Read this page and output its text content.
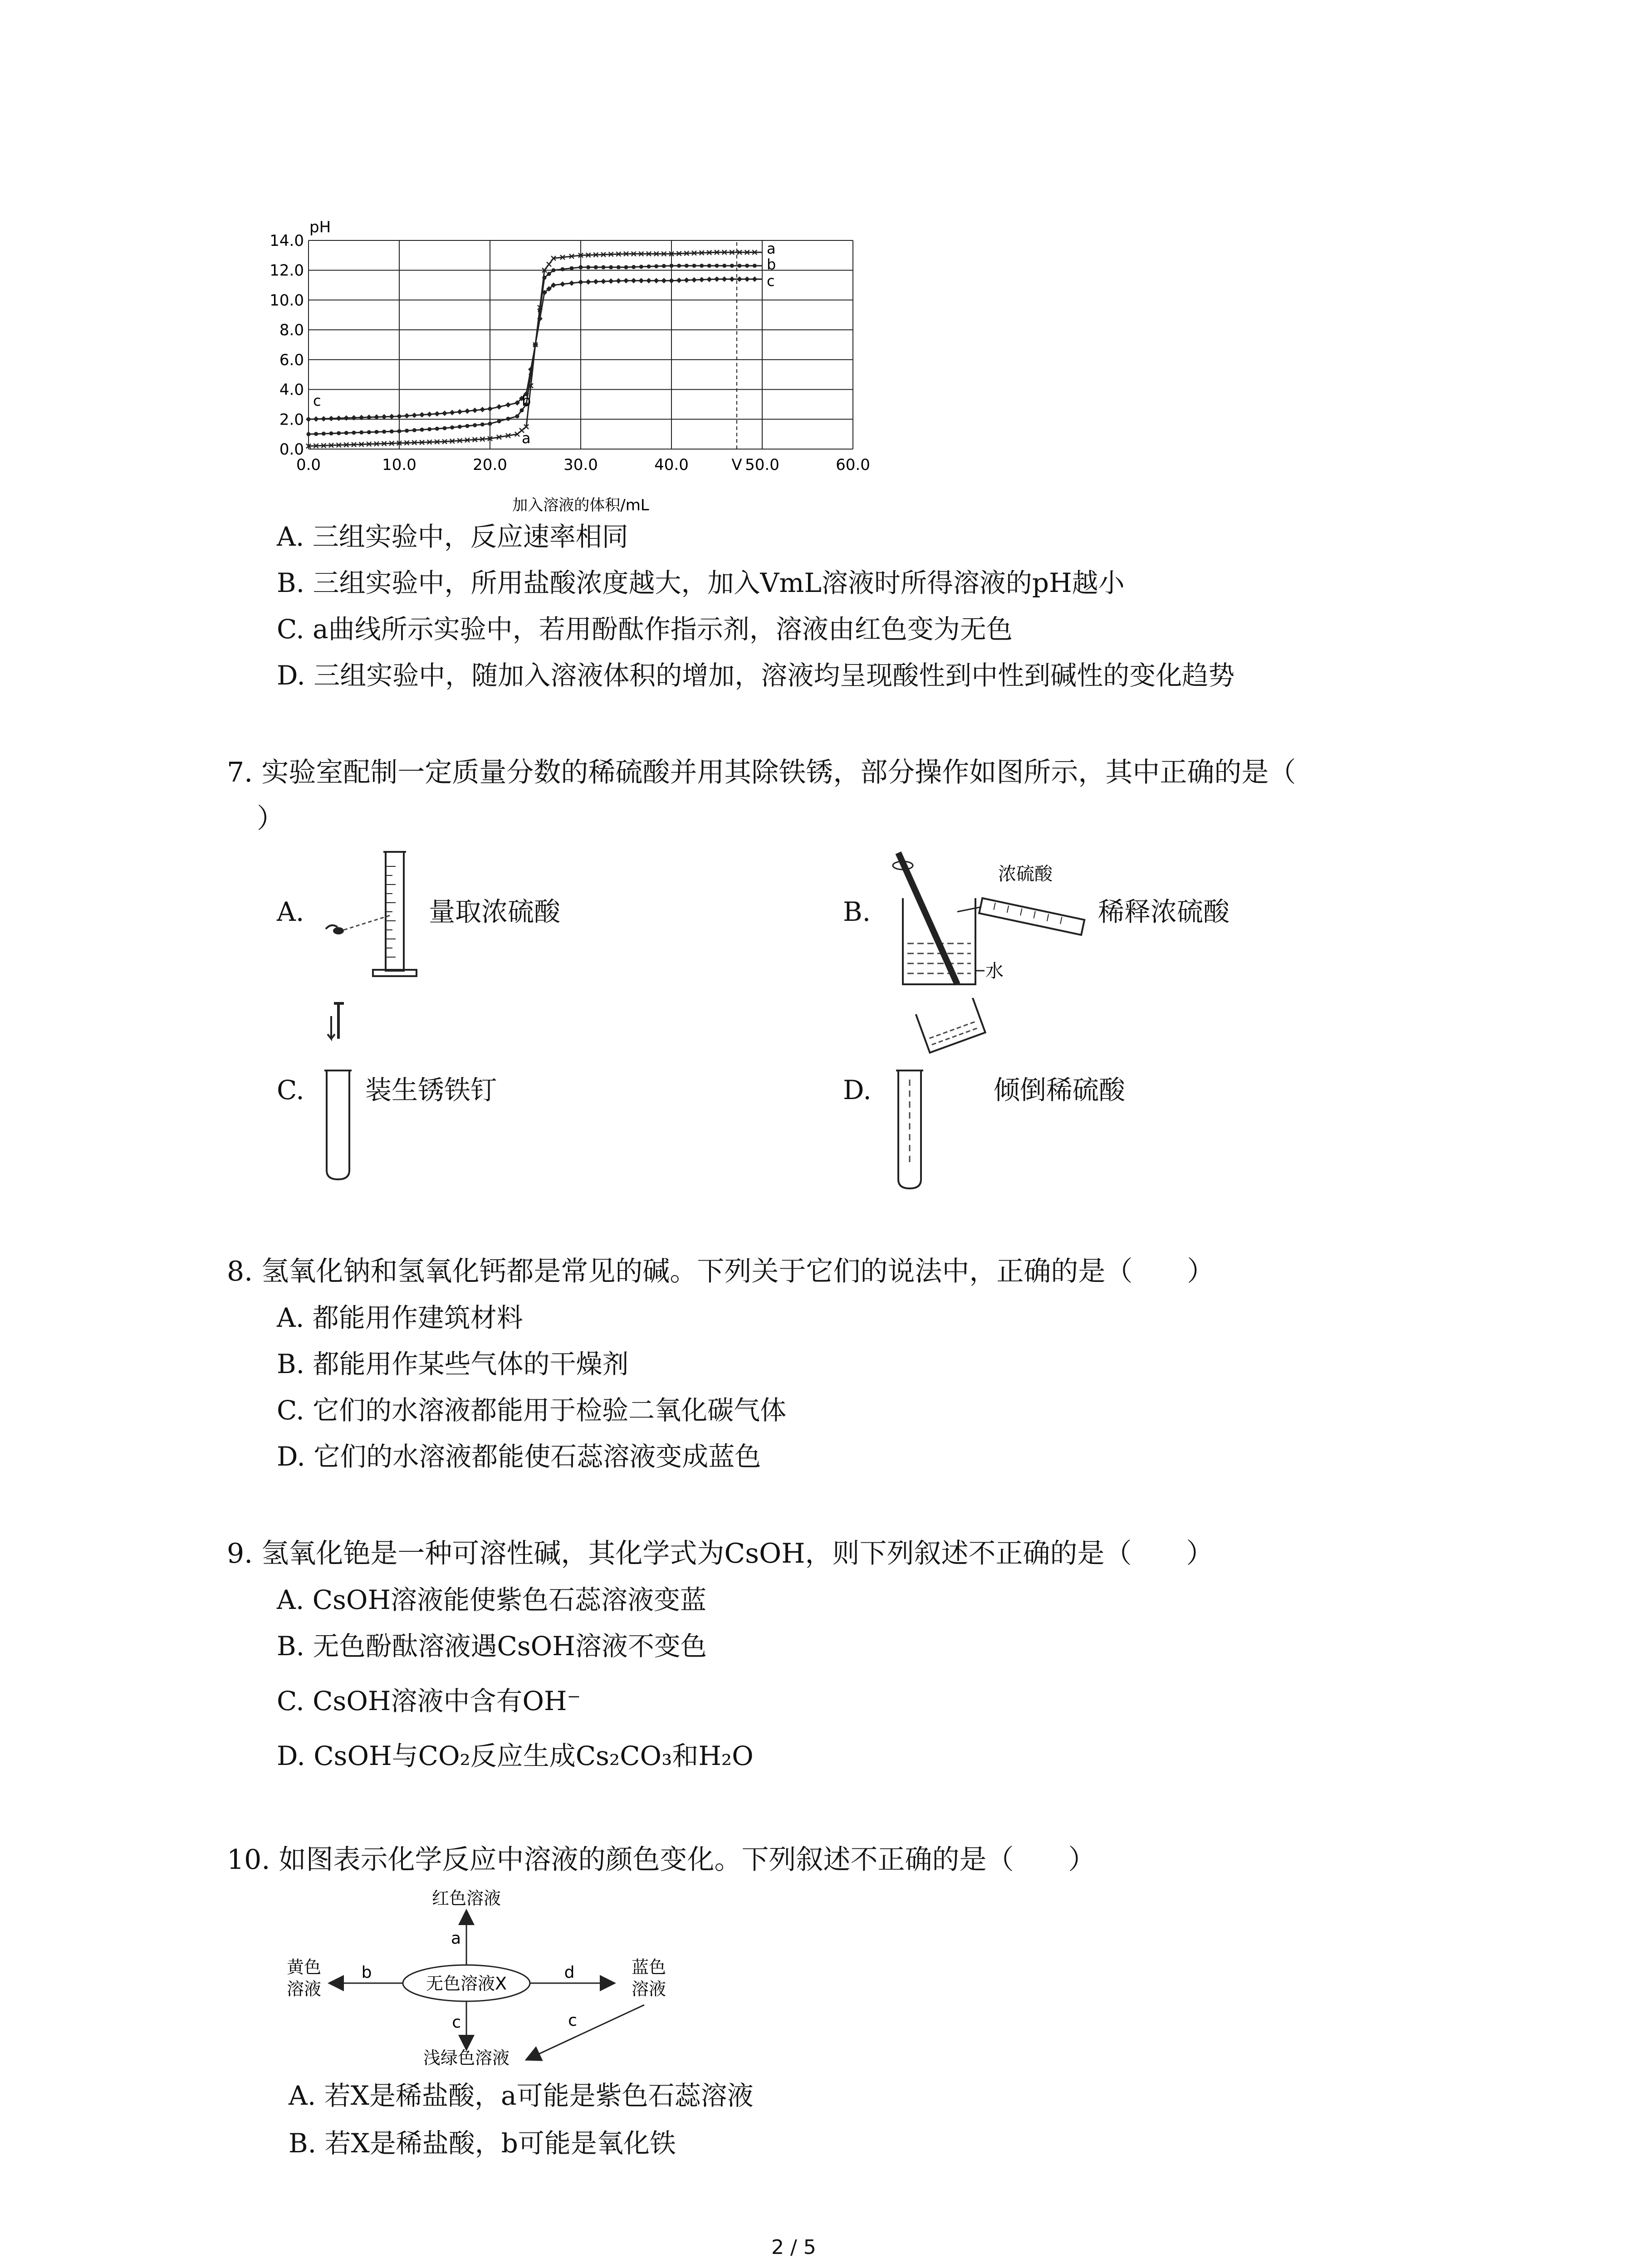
14.0
12.0
10.0
8.0
6.0
4.0
2.0
0.0
0.0	10.0	20.0	30.0	40.0	V 50.0	60.0
a
b
c
a
b
c
pH
加入溶液的体积/mL
A. 三组实验中，反应速率相同
B. 三组实验中，所用盐酸浓度越大，加入VmL溶液时所得溶液的pH越小
C. a曲线所示实验中，若用酚酞作指示剂，溶液由红色变为无色
D. 三组实验中，随加入溶液体积的增加，溶液均呈现酸性到中性到碱性的变化趋势
7. 实验室配制一定质量分数的稀硫酸并用其除铁锈，部分操作如图所示，其中正确的是（
）
A.	量取浓硫酸	B.	稀释浓硫酸
浓硫酸
水
C. 装生锈铁钉	D.	倾倒稀硫酸
8. 氢氧化钠和氢氧化钙都是常见的碱。下列关于它们的说法中，正确的是（　　）
A. 都能用作建筑材料
B. 都能用作某些气体的干燥剂
C. 它们的水溶液都能用于检验二氧化碳气体
D. 它们的水溶液都能使石蕊溶液变成蓝色
9. 氢氧化铯是一种可溶性碱，其化学式为CsOH，则下列叙述不正确的是（　　）
A. CsOH溶液能使紫色石蕊溶液变蓝
B. 无色酚酞溶液遇CsOH溶液不变色
C. CsOH溶液中含有OH⁻
D. CsOH与CO₂反应生成Cs₂CO₃和H₂O
10. 如图表示化学反应中溶液的颜色变化。下列叙述不正确的是（　　）
无色溶液X
红色溶液
黄色
溶液
蓝色
溶液
浅绿色溶液
a
b	d
c	c
A. 若X是稀盐酸，a可能是紫色石蕊溶液
B. 若X是稀盐酸，b可能是氧化铁
2 / 5
